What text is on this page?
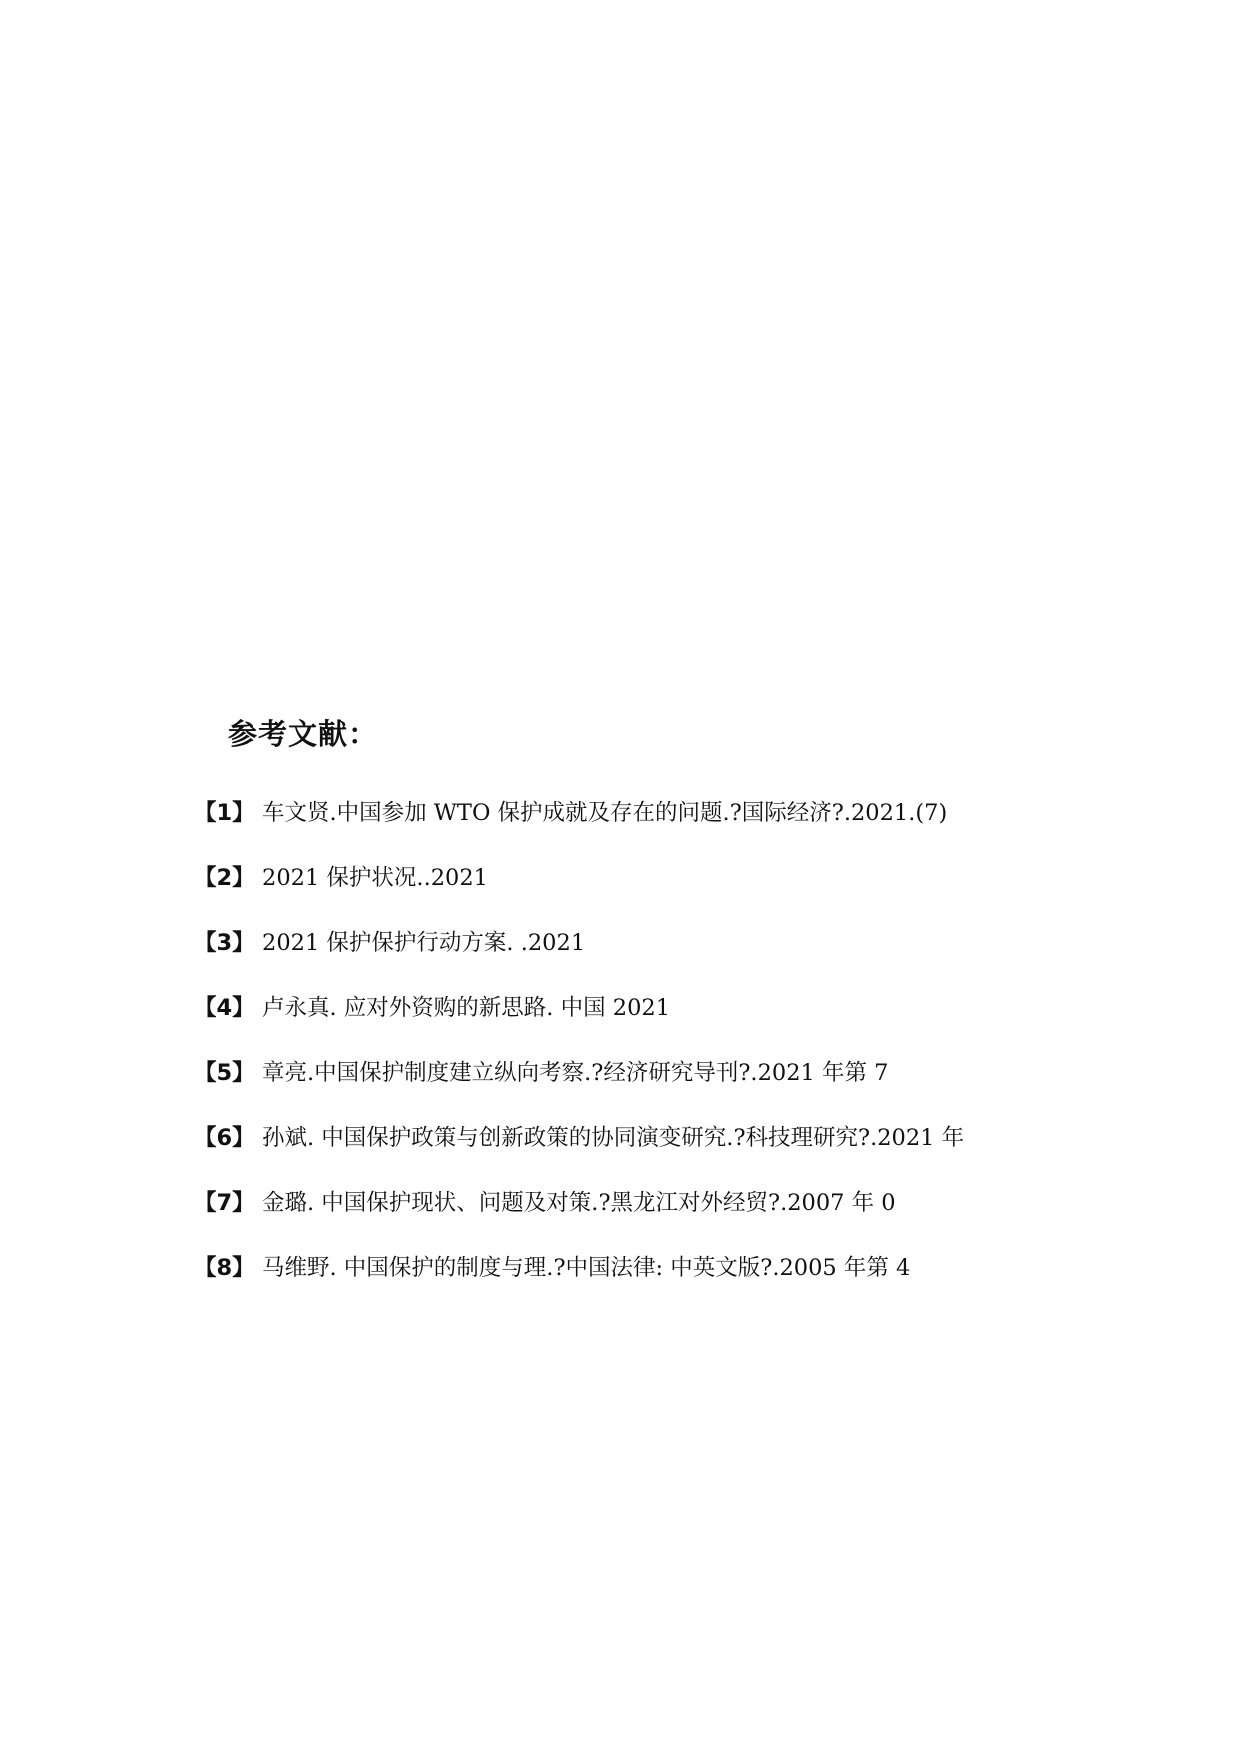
参考文献：
【1】 车文贤.中国参加 WTO 保护成就及存在的问题.?国际经济?.2021.(7)
【2】 2021 保护状况..2021
【3】 2021 保护保护行动方案. .2021
【4】 卢永真. 应对外资购的新思路. 中国 2021
【5】 章亮.中国保护制度建立纵向考察.?经济研究导刊?.2021 年第 7
【6】 孙斌. 中国保护政策与创新政策的协同演变研究.?科技理研究?.2021 年
【7】 金璐. 中国保护现状、问题及对策.?黑龙江对外经贸?.2007 年 0
【8】 马维野. 中国保护的制度与理.?中国法律: 中英文版?.2005 年第 4
